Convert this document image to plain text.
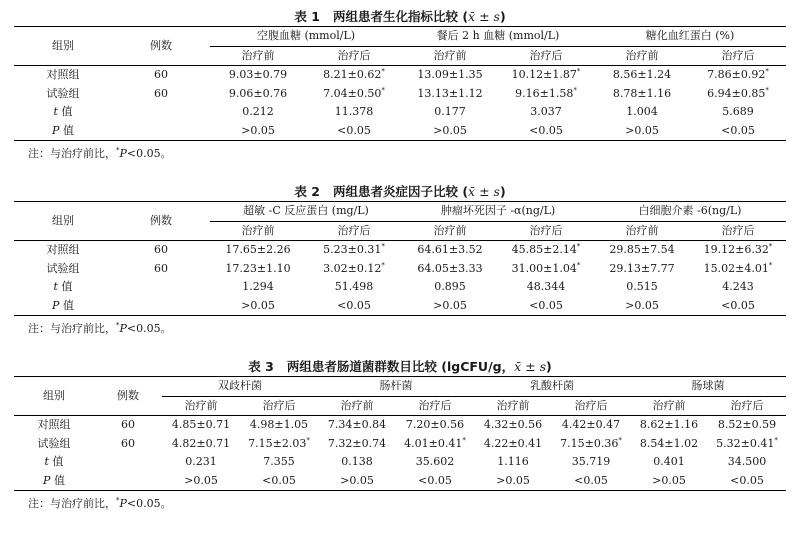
表 1 两组患者生化指标比较 (x̄ ± s)
组别	例数	空腹血糖 (mmol/L)		餐后 2 h 血糖 (mmol/L)		糖化血红蛋白 (%)	
		治疗前	治疗后	治疗前	治疗后	治疗前	治疗后
对照组	60	9.03±0.79	8.21±0.62*	13.09±1.35	10.12±1.87*	8.56±1.24	7.86±0.92*
试验组	60	9.06±0.76	7.04±0.50*	13.13±1.12	9.16±1.58*	8.78±1.16	6.94±0.85*
t 值		0.212	11.378	0.177	3.037	1.004	5.689
P 值		>0.05	<0.05	>0.05	<0.05	>0.05	<0.05
注：与治疗前比，*P<0.05。
表 2 两组患者炎症因子比较 (x̄ ± s)
组别	例数	超敏 -C 反应蛋白 (mg/L)		肿瘤坏死因子 -α(ng/L)		白细胞介素 -6(ng/L)	
		治疗前	治疗后	治疗前	治疗后	治疗前	治疗后
对照组	60	17.65±2.26	5.23±0.31*	64.61±3.52	45.85±2.14*	29.85±7.54	19.12±6.32*
试验组	60	17.23±1.10	3.02±0.12*	64.05±3.33	31.00±1.04*	29.13±7.77	15.02±4.01*
t 值		1.294	51.498	0.895	48.344	0.515	4.243
P 值		>0.05	<0.05	>0.05	<0.05	>0.05	<0.05
注：与治疗前比，*P<0.05。
表 3 两组患者肠道菌群数目比较 (lgCFU/g，x̄ ± s)
组别	例数	双歧杆菌		肠杆菌		乳酸杆菌		肠球菌	
		治疗前	治疗后	治疗前	治疗后	治疗前	治疗后	治疗前	治疗后
对照组	60	4.85±0.71	4.98±1.05	7.34±0.84	7.20±0.56	4.32±0.56	4.42±0.47	8.62±1.16	8.52±0.59
试验组	60	4.82±0.71	7.15±2.03*	7.32±0.74	4.01±0.41*	4.22±0.41	7.15±0.36*	8.54±1.02	5.32±0.41*
t 值		0.231	7.355	0.138	35.602	1.116	35.719	0.401	34.500
P 值		>0.05	<0.05	>0.05	<0.05	>0.05	<0.05	>0.05	<0.05
注：与治疗前比，*P<0.05。
